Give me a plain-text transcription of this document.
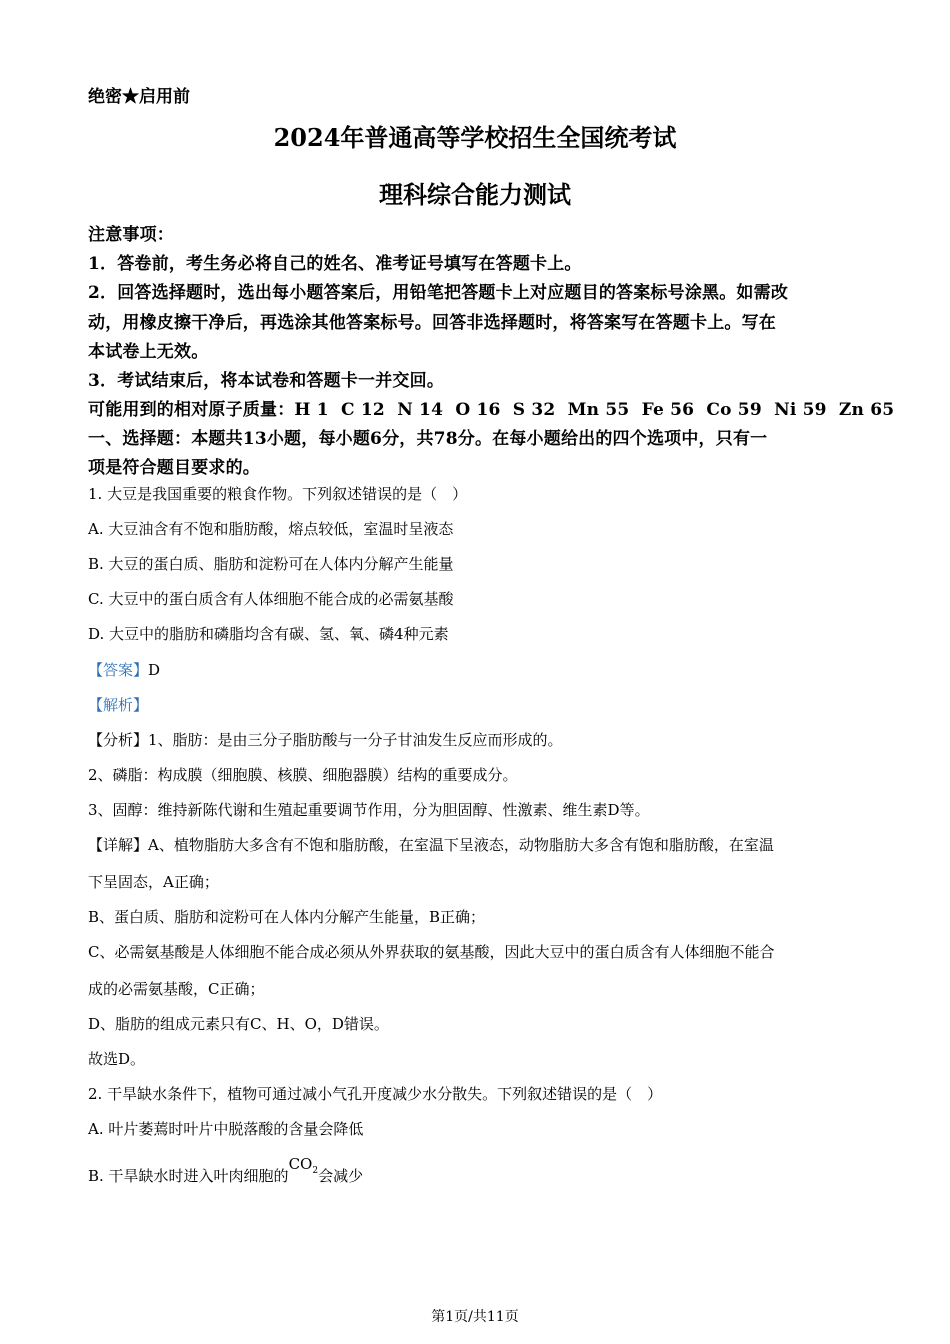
绝密★启用前
2024年普通高等学校招生全国统考试
理科综合能力测试
注意事项：
1．答卷前，考生务必将自己的姓名、准考证号填写在答题卡上。
2．回答选择题时，选出每小题答案后，用铅笔把答题卡上对应题目的答案标号涂黑。如需改
动，用橡皮擦干净后，再选涂其他答案标号。回答非选择题时，将答案写在答题卡上。写在
本试卷上无效。
3．考试结束后，将本试卷和答题卡一并交回。
可能用到的相对原子质量：H 1  C 12  N 14  O 16  S 32  Mn 55  Fe 56  Co 59  Ni 59  Zn 65
一、选择题：本题共13小题，每小题6分，共78分。在每小题给出的四个选项中，只有一
项是符合题目要求的。
1. 大豆是我国重要的粮食作物。下列叙述错误的是（　）
A. 大豆油含有不饱和脂肪酸，熔点较低，室温时呈液态
B. 大豆的蛋白质、脂肪和淀粉可在人体内分解产生能量
C. 大豆中的蛋白质含有人体细胞不能合成的必需氨基酸
D. 大豆中的脂肪和磷脂均含有碳、氢、氧、磷4种元素
【答案】D
【解析】
【分析】1、脂肪：是由三分子脂肪酸与一分子甘油发生反应而形成的。
2、磷脂：构成膜（细胞膜、核膜、细胞器膜）结构的重要成分。
3、固醇：维持新陈代谢和生殖起重要调节作用，分为胆固醇、性激素、维生素D等。
【详解】A、植物脂肪大多含有不饱和脂肪酸，在室温下呈液态，动物脂肪大多含有饱和脂肪酸，在室温
下呈固态，A正确；
B、蛋白质、脂肪和淀粉可在人体内分解产生能量，B正确；
C、必需氨基酸是人体细胞不能合成必须从外界获取的氨基酸，因此大豆中的蛋白质含有人体细胞不能合
成的必需氨基酸，C正确；
D、脂肪的组成元素只有C、H、O，D错误。
故选D。
2. 干旱缺水条件下，植物可通过减小气孔开度减少水分散失。下列叙述错误的是（　）
A. 叶片萎蔫时叶片中脱落酸的含量会降低
B. 干旱缺水时进入叶肉细胞的$CO_2$会减少
第1页/共11页
